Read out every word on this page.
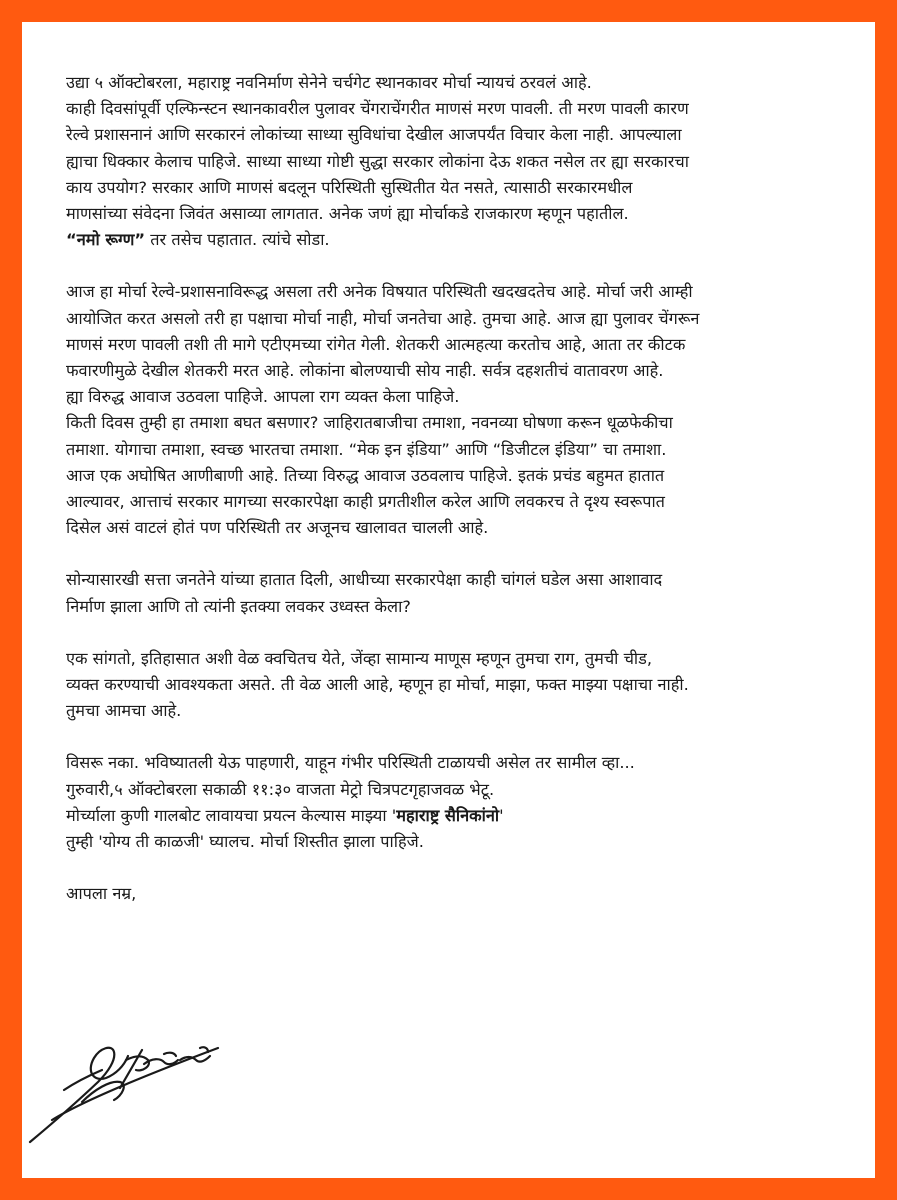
उद्या ५ ऑक्टोबरला, महाराष्ट्र नवनिर्माण सेनेने चर्चगेट स्थानकावर मोर्चा न्यायचं ठरवलं आहे.
काही दिवसांपूर्वी एल्फिन्स्टन स्थानकावरील पुलावर चेंगराचेंगरीत माणसं मरण पावली. ती मरण पावली कारण
रेल्वे प्रशासनानं आणि सरकारनं लोकांच्या साध्या सुविधांचा देखील आजपर्यंत विचार केला नाही. आपल्याला
ह्याचा धिक्कार केलाच पाहिजे. साध्या साध्या गोष्टी सुद्धा सरकार लोकांना देऊ शकत नसेल तर ह्या सरकारचा
काय उपयोग? सरकार आणि माणसं बदलून परिस्थिती सुस्थितीत येत नसते, त्यासाठी सरकारमधील
माणसांच्या संवेदना जिवंत असाव्या लागतात. अनेक जणं ह्या मोर्चाकडे राजकारण म्हणून पहातील.
“नमो रूग्ण” तर तसेच पहातात. त्यांचे सोडा.
आज हा मोर्चा रेल्वे-प्रशासनाविरूद्ध असला तरी अनेक विषयात परिस्थिती खदखदतेच आहे. मोर्चा जरी आम्ही
आयोजित करत असलो तरी हा पक्षाचा मोर्चा नाही, मोर्चा जनतेचा आहे. तुमचा आहे. आज ह्या पुलावर चेंगरून
माणसं मरण पावली तशी ती मागे एटीएमच्या रांगेत गेली. शेतकरी आत्महत्या करतोच आहे, आता तर कीटक
फवारणीमुळे देखील शेतकरी मरत आहे. लोकांना बोलण्याची सोय नाही. सर्वत्र दहशतीचं वातावरण आहे.
ह्या विरुद्ध आवाज उठवला पाहिजे. आपला राग व्यक्त केला पाहिजे.
किती दिवस तुम्ही हा तमाशा बघत बसणार? जाहिरातबाजीचा तमाशा, नवनव्या घोषणा करून धूळफेकीचा
तमाशा. योगाचा तमाशा, स्वच्छ भारतचा तमाशा. “मेक इन इंडिया” आणि “डिजीटल इंडिया” चा तमाशा.
आज एक अघोषित आणीबाणी आहे. तिच्या विरुद्ध आवाज उठवलाच पाहिजे. इतकं प्रचंड बहुमत हातात
आल्यावर, आत्ताचं सरकार मागच्या सरकारपेक्षा काही प्रगतीशील करेल आणि लवकरच ते दृश्य स्वरूपात
दिसेल असं वाटलं होतं पण परिस्थिती तर अजूनच खालावत चालली आहे.
सोन्यासारखी सत्ता जनतेने यांच्या हातात दिली, आधीच्या सरकारपेक्षा काही चांगलं घडेल असा आशावाद
निर्माण झाला आणि तो त्यांनी इतक्या लवकर उध्वस्त केला?
एक सांगतो, इतिहासात अशी वेळ क्वचितच येते, जेंव्हा सामान्य माणूस म्हणून तुमचा राग, तुमची चीड,
व्यक्त करण्याची आवश्यकता असते. ती वेळ आली आहे, म्हणून हा मोर्चा, माझा, फक्त माझ्या पक्षाचा नाही.
तुमचा आमचा आहे.
विसरू नका. भविष्यातली येऊ पाहणारी, याहून गंभीर परिस्थिती टाळायची असेल तर सामील व्हा...
गुरुवारी,५ ऑक्टोबरला सकाळी ११:३० वाजता मेट्रो चित्रपटगृहाजवळ भेटू.
मोर्च्याला कुणी गालबोट लावायचा प्रयत्न केल्यास माझ्या 'महाराष्ट्र सैनिकांनो'
तुम्ही 'योग्य ती काळजी' घ्यालच. मोर्चा शिस्तीत झाला पाहिजे.
आपला नम्र,
